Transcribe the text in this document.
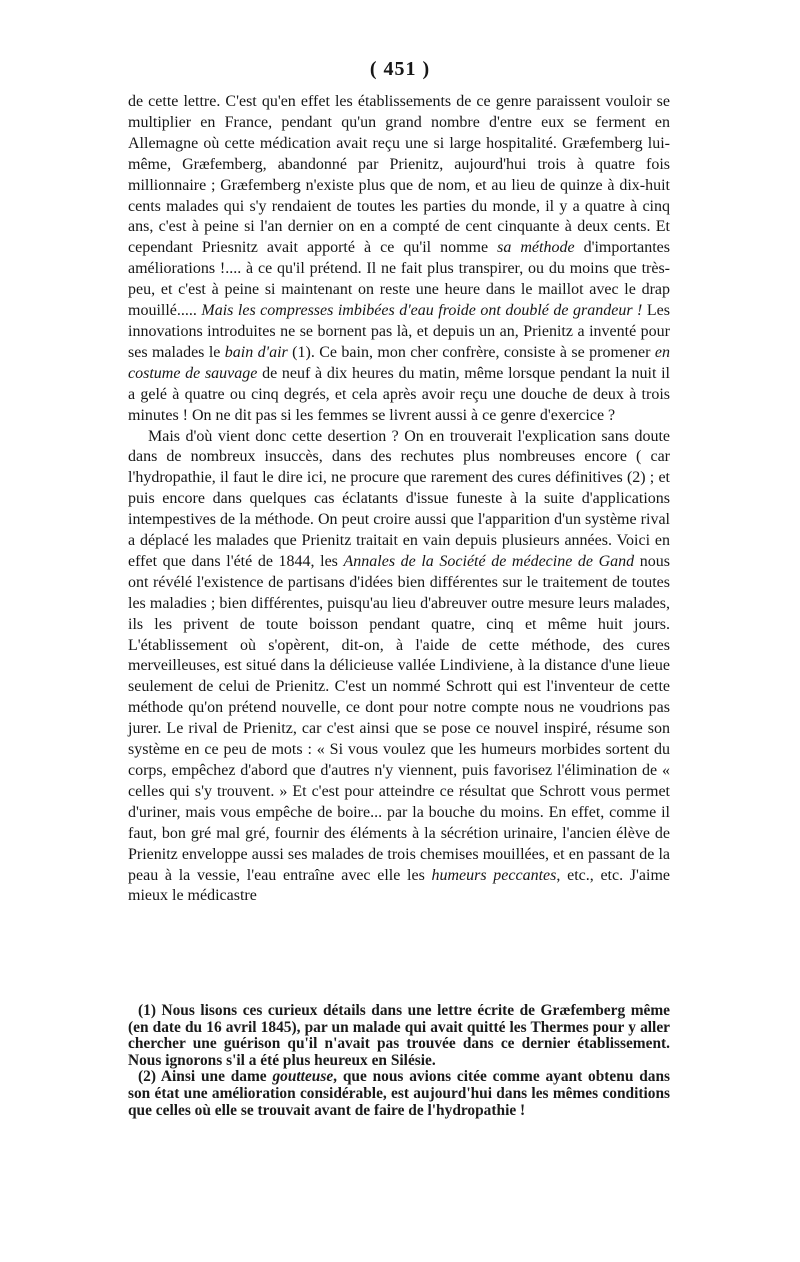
( 451 )

de cette lettre. C'est qu'en effet les établissements de ce genre paraissent vouloir se multiplier en France, pendant qu'un grand nombre d'entre eux se ferment en Allemagne où cette médication avait reçu une si large hospitalité. Græfemberg lui-même, Græfemberg, abandonné par Prienitz, aujourd'hui trois à quatre fois millionnaire ; Græfemberg n'existe plus que de nom, et au lieu de quinze à dix-huit cents malades qui s'y rendaient de toutes les parties du monde, il y a quatre à cinq ans, c'est à peine si l'an dernier on en a compté de cent cinquante à deux cents. Et cependant Priesnitz avait apporté à ce qu'il nomme sa méthode d'importantes améliorations !.... à ce qu'il prétend. Il ne fait plus transpirer, ou du moins que très-peu, et c'est à peine si maintenant on reste une heure dans le maillot avec le drap mouillé..... Mais les compresses imbibées d'eau froide ont doublé de grandeur ! Les innovations introduites ne se bornent pas là, et depuis un an, Prienitz a inventé pour ses malades le bain d'air (1). Ce bain, mon cher confrère, consiste à se promener en costume de sauvage de neuf à dix heures du matin, même lorsque pendant la nuit il a gelé à quatre ou cinq degrés, et cela après avoir reçu une douche de deux à trois minutes ! On ne dit pas si les femmes se livrent aussi à ce genre d'exercice ?

Mais d'où vient donc cette desertion ? On en trouverait l'explication sans doute dans de nombreux insuccès, dans des rechutes plus nombreuses encore ( car l'hydropathie, il faut le dire ici, ne procure que rarement des cures définitives (2) ; et puis encore dans quelques cas éclatants d'issue funeste à la suite d'applications intempestives de la méthode. On peut croire aussi que l'apparition d'un système rival a déplacé les malades que Prienitz traitait en vain depuis plusieurs années. Voici en effet que dans l'été de 1844, les Annales de la Société de médecine de Gand nous ont révélé l'existence de partisans d'idées bien différentes sur le traitement de toutes les maladies ; bien différentes, puisqu'au lieu d'abreuver outre mesure leurs malades, ils les privent de toute boisson pendant quatre, cinq et même huit jours. L'établissement où s'opèrent, dit-on, à l'aide de cette méthode, des cures merveilleuses, est situé dans la délicieuse vallée Lindiviene, à la distance d'une lieue seulement de celui de Prienitz. C'est un nommé Schrott qui est l'inventeur de cette méthode qu'on prétend nouvelle, ce dont pour notre compte nous ne voudrions pas jurer. Le rival de Prienitz, car c'est ainsi que se pose ce nouvel inspiré, résume son système en ce peu de mots : « Si vous voulez que les humeurs morbides sortent du corps, empêchez d'abord que d'autres n'y viennent, puis favorisez l'élimination de « celles qui s'y trouvent. » Et c'est pour atteindre ce résultat que Schrott vous permet d'uriner, mais vous empêche de boire... par la bouche du moins. En effet, comme il faut, bon gré mal gré, fournir des éléments à la sécrétion urinaire, l'ancien élève de Prienitz enveloppe aussi ses malades de trois chemises mouillées, et en passant de la peau à la vessie, l'eau entraîne avec elle les humeurs peccantes, etc., etc. J'aime mieux le médicastre

(1) Nous lisons ces curieux détails dans une lettre écrite de Græfemberg même (en date du 16 avril 1845), par un malade qui avait quitté les Thermes pour y aller chercher une guérison qu'il n'avait pas trouvée dans ce dernier établissement. Nous ignorons s'il a été plus heureux en Silésie.

(2) Ainsi une dame goutteuse, que nous avions citée comme ayant obtenu dans son état une amélioration considérable, est aujourd'hui dans les mêmes conditions que celles où elle se trouvait avant de faire de l'hydropathie !
